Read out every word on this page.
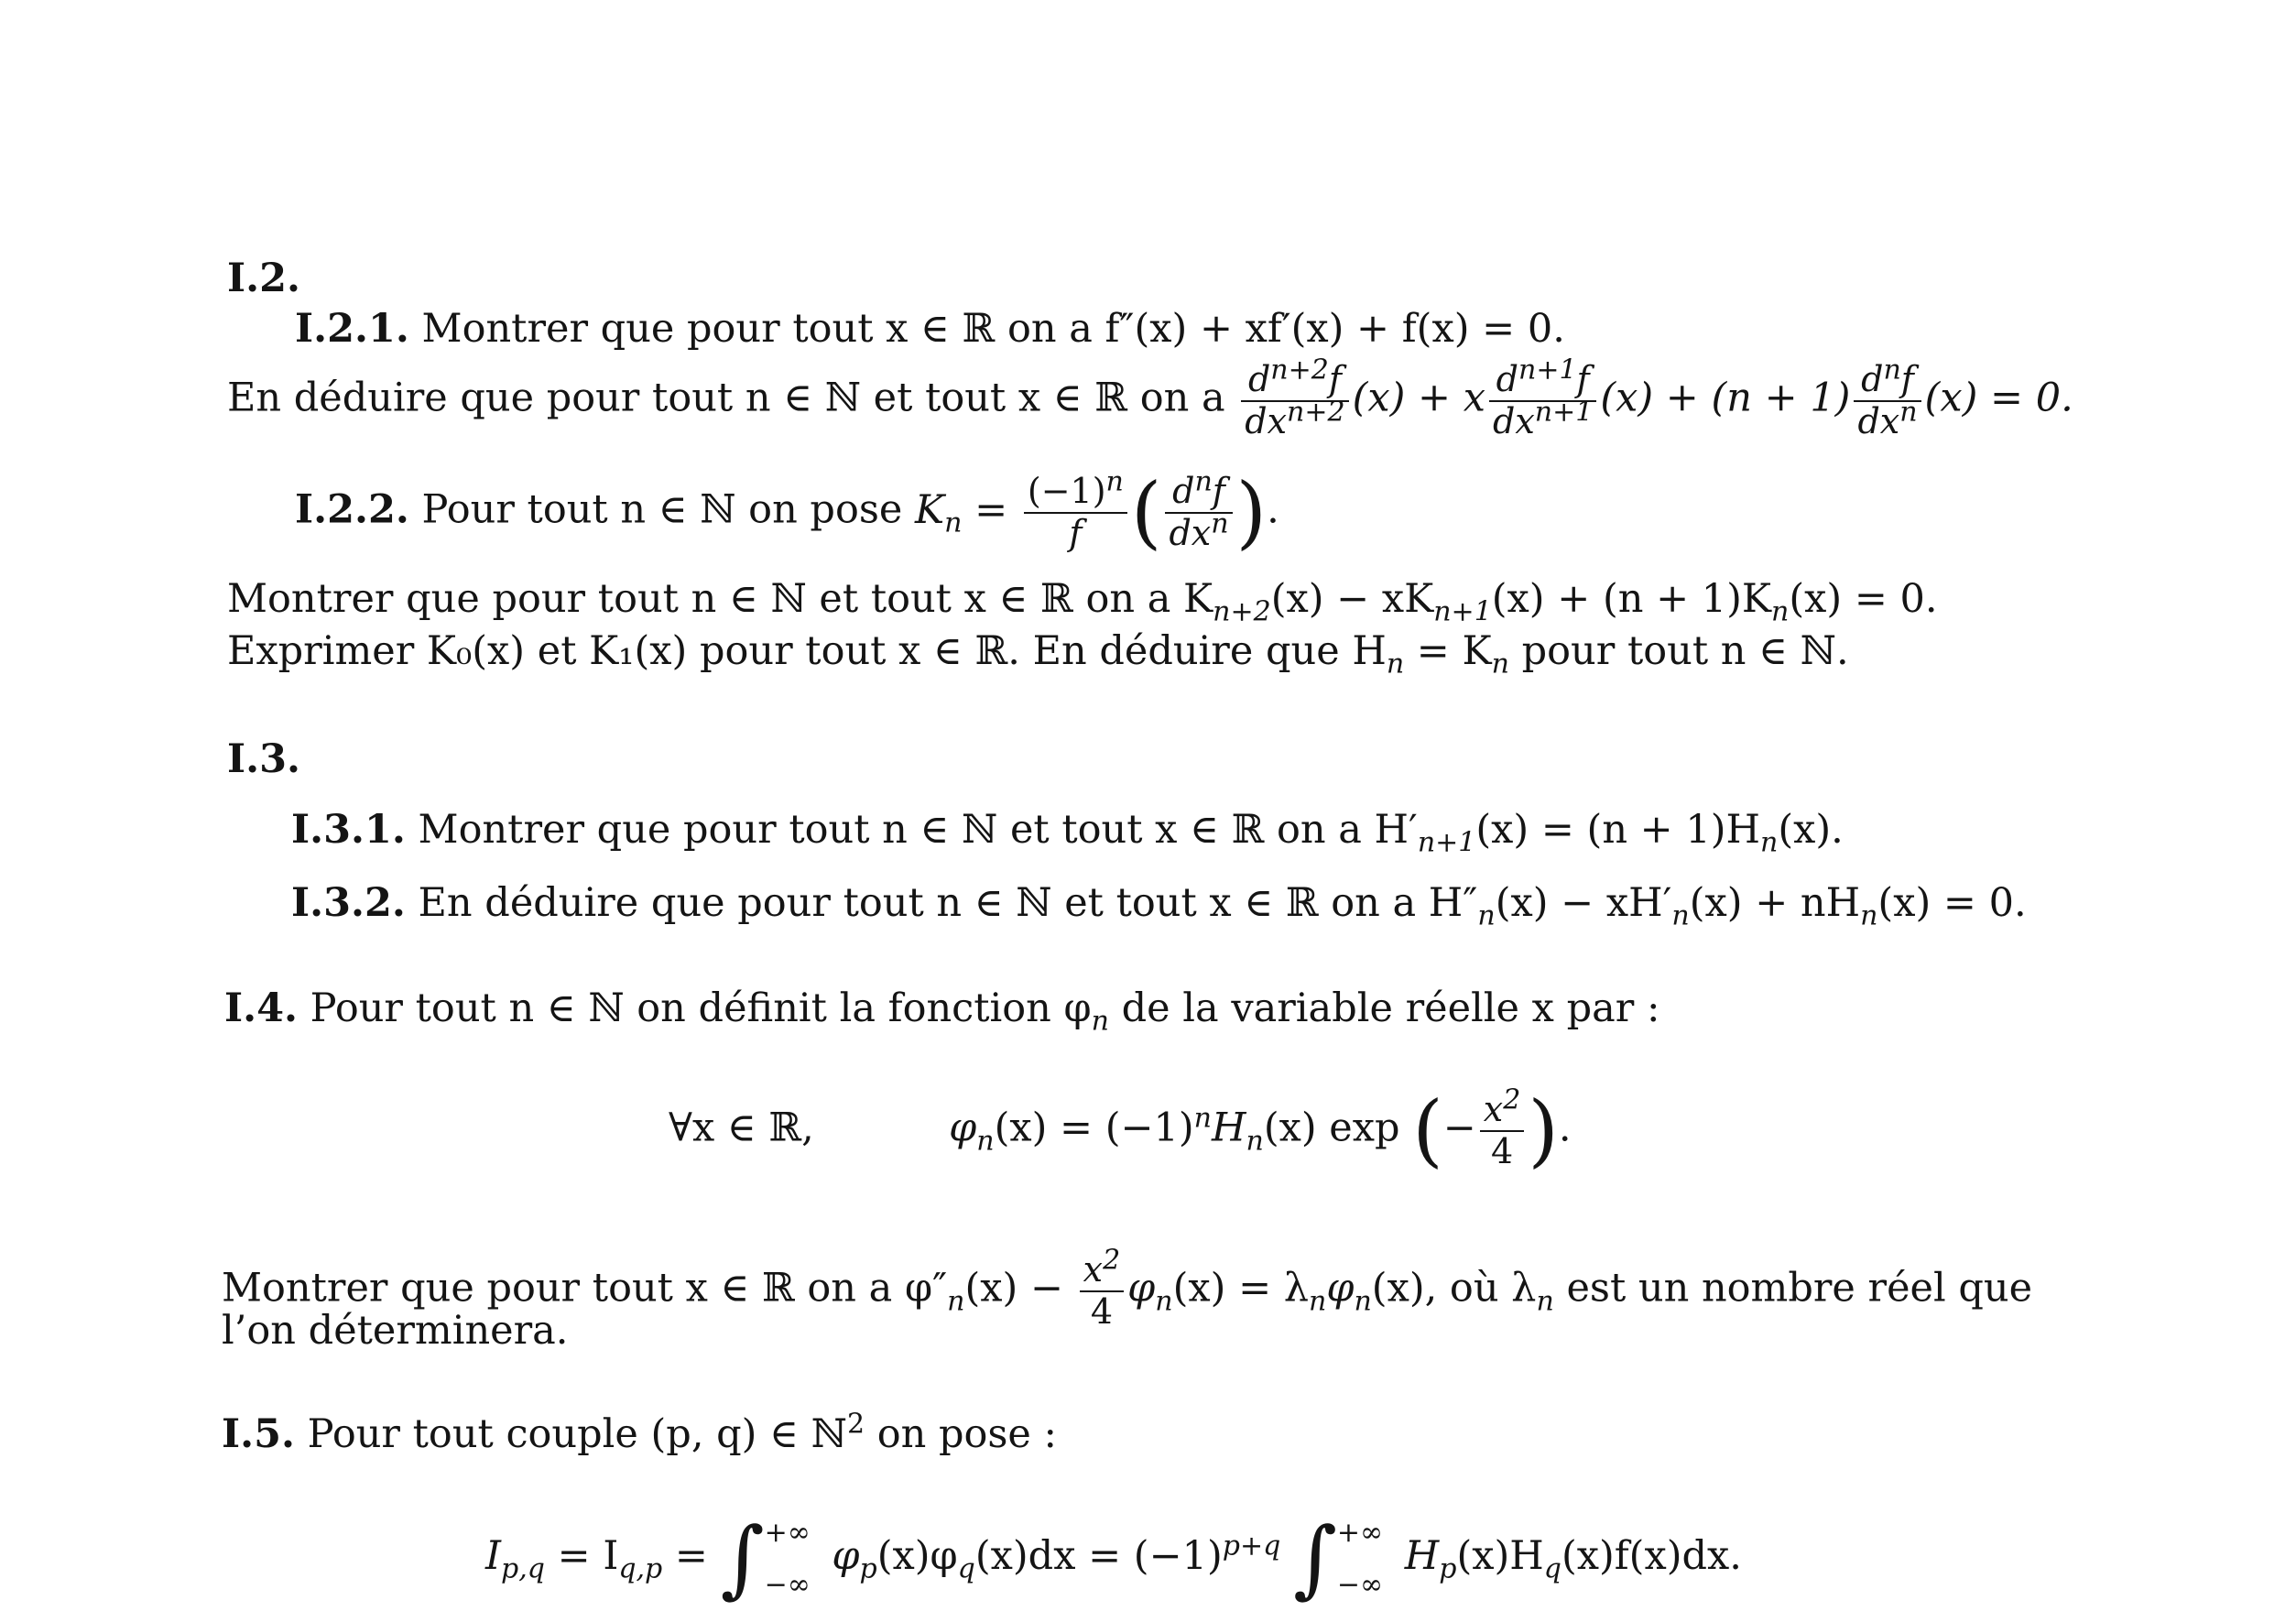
I.2.
I.2.1. Montrer que pour tout x ∈ ℝ on a f″(x) + xf′(x) + f(x) = 0.
En déduire que pour tout n ∈ ℕ et tout x ∈ ℝ on a $\frac{d^{n+2}f}{dx^{n+2}} (x) + x \frac{d^{n+1}f}{dx^{n+1}} (x) + (n + 1) \frac{d^nf}{dx^n} (x) = 0$.
I.2.2. Pour tout n ∈ ℕ on pose $K_n = \frac{(-1)^n}{f}$ ( $\frac{d^nf}{dx^n}$ ).
Montrer que pour tout n ∈ ℕ et tout x ∈ ℝ on a $K_{n+2}(x) - xK_{n+1}(x) + (n + 1)K_n(x) = 0$.
Exprimer K₀(x) et K₁(x) pour tout x ∈ ℝ. En déduire que $H_n = K_n$ pour tout n ∈ ℕ.
I.3.
I.3.1. Montrer que pour tout n ∈ ℕ et tout x ∈ ℝ on a $H'_{n+1}(x) = (n + 1)H_n(x)$.
I.3.2. En déduire que pour tout n ∈ ℕ et tout x ∈ ℝ on a $H''_n(x) - xH'_n(x) + nH_n(x) = 0$.
I.4. Pour tout n ∈ ℕ on définit la fonction $\varphi_n$ de la variable réelle x par :
∀x ∈ ℝ,	$\varphi_n(x) = (-1)^nH_n(x)$ exp (− $\frac{x^2}{4}$ ).
Montrer que pour tout x ∈ ℝ on a $\varphi''_n(x) - \frac{x^2}{4} \varphi_n(x) = \lambda_n\varphi_n(x)$, où $\lambda_n$ est un nombre réel que
l’on déterminera.
I.5. Pour tout couple (p, q) ∈ ℕ$^2$ on pose :
$I_{p,q} = I_{q,p}$ = ∫ +∞
−∞
$\varphi_p(x)\varphi_q(x)dx = (-1)^{p+q}$ ∫ +∞
−∞
$H_p(x)H_q(x)f(x)dx$.
